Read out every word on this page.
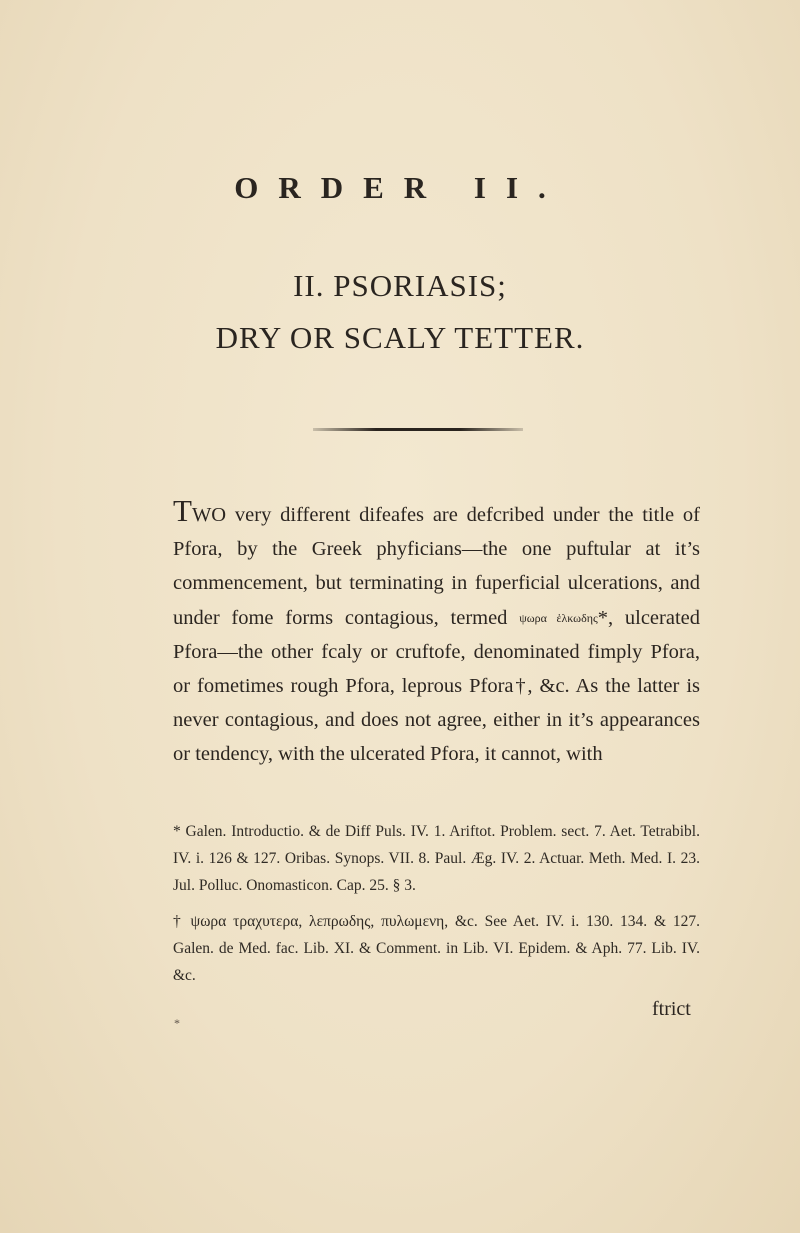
ORDER II.
II. PSORIASIS;
DRY OR SCALY TETTER.

TWO very different difeafes are defcribed under the title of Pfora, by the Greek phyficians—the one puftular at it’s commencement, but terminating in fuperficial ulcerations, and under fome forms contagious, termed ψωρα ἑλκωδης*, ulcerated Pfora—the other fcaly or cruftofe, denominated fimply Pfora, or fometimes rough Pfora, leprous Pfora†, &c. As the latter is never contagious, and does not agree, either in it’s appearances or tendency, with the ulcerated Pfora, it cannot, with

* Galen. Introductio. & de Diff Puls. IV. 1. Ariftot. Problem. sect. 7. Aet. Tetrabibl. IV. i. 126 & 127. Oribas. Synops. VII. 8. Paul. Æg. IV. 2. Actuar. Meth. Med. I. 23. Jul. Polluc. Onomasticon. Cap. 25. § 3.

† ψωρα τραχυτερα, λεπρωδης, πυλωμενη, &c. See Aet. IV. i. 130. 134. & 127. Galen. de Med. fac. Lib. XI. & Comment. in Lib. VI. Epidem. & Aph. 77. Lib. IV. &c.

ftrict
*
